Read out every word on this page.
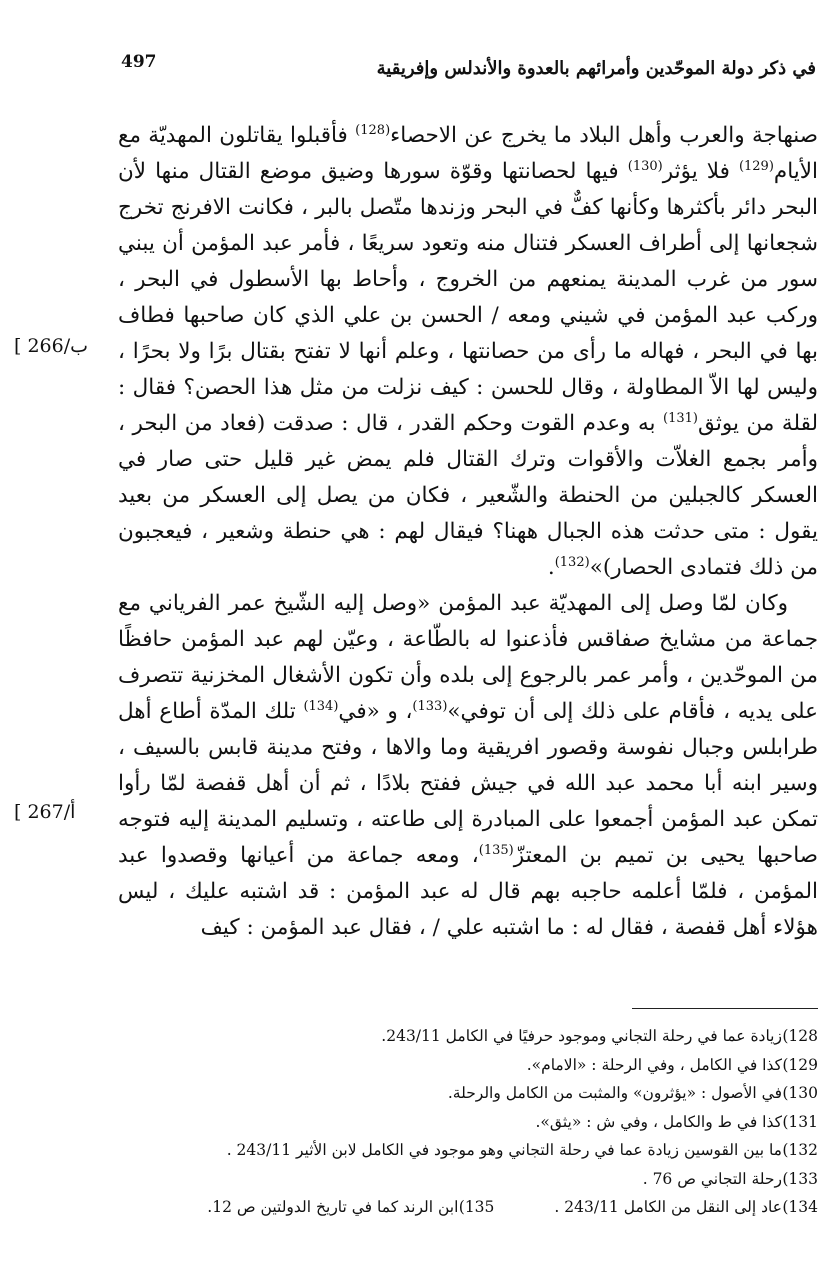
497	في ذكر دولة الموحّدين وأمرائهم بالعدوة والأندلس وإفريقية
[ 266/ب
[ 267/أ

صنهاجة والعرب وأهل البلاد ما يخرج عن الاحصاء$^{(128)}$ فأقبلوا يقاتلون المهديّة مع الأيام$^{(129)}$ فلا يؤثر$^{(130)}$ فيها لحصانتها وقوّة سورها وضيق موضع القتال منها لأن البحر دائر بأكثرها وكأنها كفٌّ في البحر وزندها متّصل بالبر ، فكانت الافرنج تخرج شجعانها إلى أطراف العسكر فتنال منه وتعود سريعًا ، فأمر عبد المؤمن أن يبني سور من غرب المدينة يمنعهم من الخروج ، وأحاط بها الأسطول في البحر ، وركب عبد المؤمن في شيني ومعه / الحسن بن علي الذي كان صاحبها فطاف بها في البحر ، فهاله ما رأى من حصانتها ، وعلم أنها لا تفتح بقتال برًا ولا بحرًا ، وليس لها الاّ المطاولة ، وقال للحسن : كيف نزلت من مثل هذا الحصن؟ فقال : لقلة من يوثق$^{(131)}$ به وعدم القوت وحكم القدر ، قال : صدقت (فعاد من البحر ، وأمر بجمع الغلاّت والأقوات وترك القتال فلم يمض غير قليل حتى صار في العسكر كالجبلين من الحنطة والشّعير ، فكان من يصل إلى العسكر من بعيد يقول : متى حدثت هذه الجبال ههنا؟ فيقال لهم : هي حنطة وشعير ، فيعجبون من ذلك فتمادى الحصار)»$^{(132)}$.

وكان لمّا وصل إلى المهديّة عبد المؤمن «وصل إليه الشّيخ عمر الفرياني مع جماعة من مشايخ صفاقس فأذعنوا له بالطّاعة ، وعيّن لهم عبد المؤمن حافظًا من الموحّدين ، وأمر عمر بالرجوع إلى بلده وأن تكون الأشغال المخزنية تتصرف على يديه ، فأقام على ذلك إلى أن توفي»$^{(133)}$، و «في$^{(134)}$ تلك المدّة أطاع أهل طرابلس وجبال نفوسة وقصور افريقية وما والاها ، وفتح مدينة قابس بالسيف ، وسير ابنه أبا محمد عبد الله في جيش ففتح بلادًا ، ثم أن أهل قفصة لمّا رأوا تمكن عبد المؤمن أجمعوا على المبادرة إلى طاعته ، وتسليم المدينة إليه فتوجه صاحبها يحيى بن تميم بن المعتزّ$^{(135)}$، ومعه جماعة من أعيانها وقصدوا عبد المؤمن ، فلمّا أعلمه حاجبه بهم قال له عبد المؤمن : قد اشتبه عليك ، ليس هؤلاء أهل قفصة ، فقال له : ما اشتبه علي / ، فقال عبد المؤمن : كيف

128)
زيادة عما في رحلة التجاني وموجود حرفيًا في الكامل 243/11.
129)
كذا في الكامل ، وفي الرحلة : «الامام».
130)
في الأصول : «يؤثرون» والمثبت من الكامل والرحلة.
131)
كذا في ط والكامل ، وفي ش : «يثق».
132)
ما بين القوسين زيادة عما في رحلة التجاني وهو موجود في الكامل لابن الأثير 243/11 .
133)
رحلة التجاني ص 76 .
134)
عاد إلى النقل من الكامل 243/11 .
135)
ابن الرند كما في تاريخ الدولتين ص 12.
